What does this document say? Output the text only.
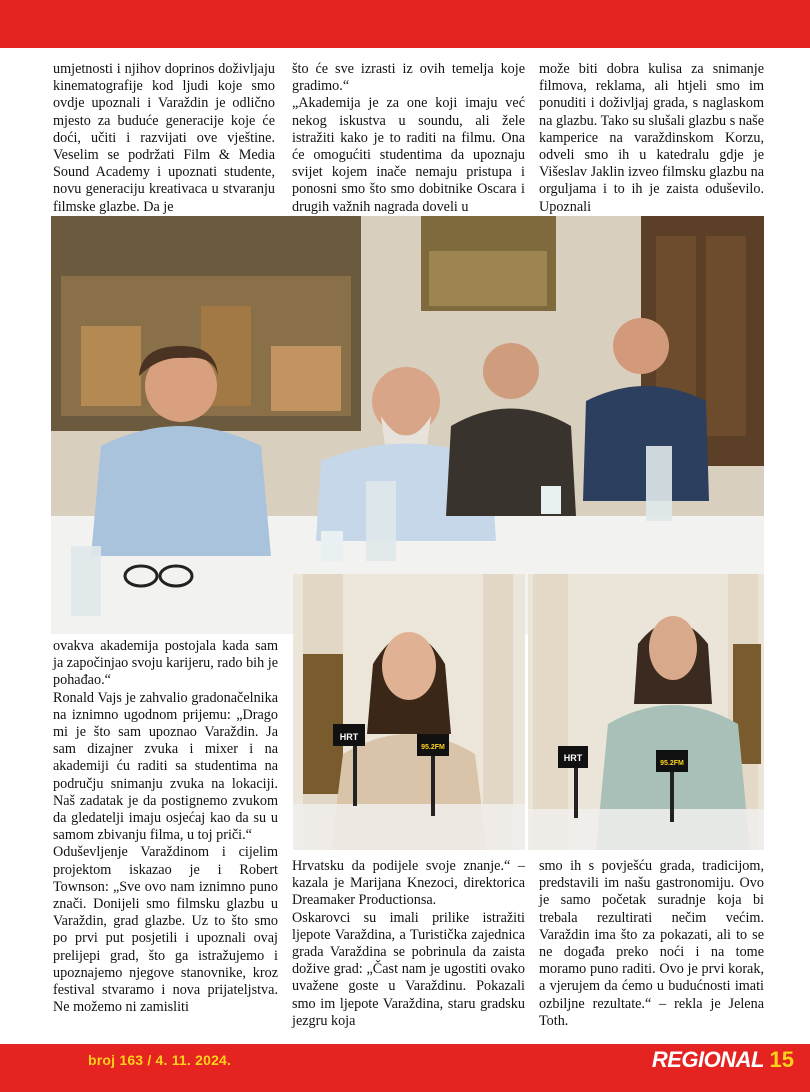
umjetnosti i njihov doprinos doživljaju kinematografije kod ljudi koje smo ovdje upoznali i Varaždin je odlično mjesto za buduće generacije koje će doći, učiti i razvijati ove vještine. Veselim se podržati Film & Media Sound Academy i upoznati studente, novu generaciju kreativaca u stvaranju filmske glazbe. Da je

što će sve izrasti iz ovih temelja koje gradimo.“

„Akademija je za one koji imaju već nekog iskustva u soundu, ali žele istražiti kako je to raditi na filmu. Ona će omogućiti studentima da upoznaju svijet kojem inače nemaju pristupa i ponosni smo što smo dobitnike Oscara i drugih važnih nagrada doveli u

može biti dobra kulisa za snimanje filmova, reklama, ali htjeli smo im ponuditi i doživljaj grada, s naglaskom na glazbu. Tako su slušali glazbu s naše kamperice na varaždinskom Korzu, odveli smo ih u katedralu gdje je Višeslav Jaklin izveo filmsku glazbu na orguljama i to ih je zaista oduševilo. Upoznali

ovakva akademija postojala kada sam ja započinjao svoju karijeru, rado bih je pohađao.“

Ronald Vajs je zahvalio gradonačelnika na iznimno ugodnom prijemu: „Drago mi je što sam upoznao Varaždin. Ja sam dizajner zvuka i mixer i na akademiji ću raditi sa studentima na području snimanju zvuka na lokaciji. Naš zadatak je da postignemo zvukom da gledatelji imaju osjećaj kao da su u samom zbivanju filma, u toj priči.“

Oduševljenje Varaždinom i cijelim projektom iskazao je i Robert Townson: „Sve ovo nam iznimno puno znači. Donijeli smo filmsku glazbu u Varaždin, grad glazbe. Uz to što smo po prvi put posjetili i upoznali ovaj prelijepi grad, što ga istražujemo i upoznajemo njegove stanovnike, kroz festival stvaramo i nova prijateljstva. Ne možemo ni zamisliti

HRT
95.2FM
HRT
95.2FM

Hrvatsku da podijele svoje znanje.“ – kazala je Marijana Knezoci, direktorica Dreamaker Productionsa.

Oskarovci su imali prilike istražiti ljepote Varaždina, a Turistička zajednica grada Varaždina se pobrinula da zaista dožive grad: „Čast nam je ugostiti ovako uvažene goste u Varaždinu. Pokazali smo im ljepote Varaždina, staru gradsku jezgru koja

smo ih s povješću grada, tradicijom, predstavili im našu gastronomiju. Ovo je samo početak suradnje koja bi trebala rezultirati nečim većim. Varaždin ima što za pokazati, ali to se ne događa preko noći i na tome moramo puno raditi. Ovo je prvi korak, a vjerujem da ćemo u budućnosti imati ozbiljne rezultate.“ – rekla je Jelena Toth.

broj 163 / 4. 11. 2024.	REGIONAL 15
